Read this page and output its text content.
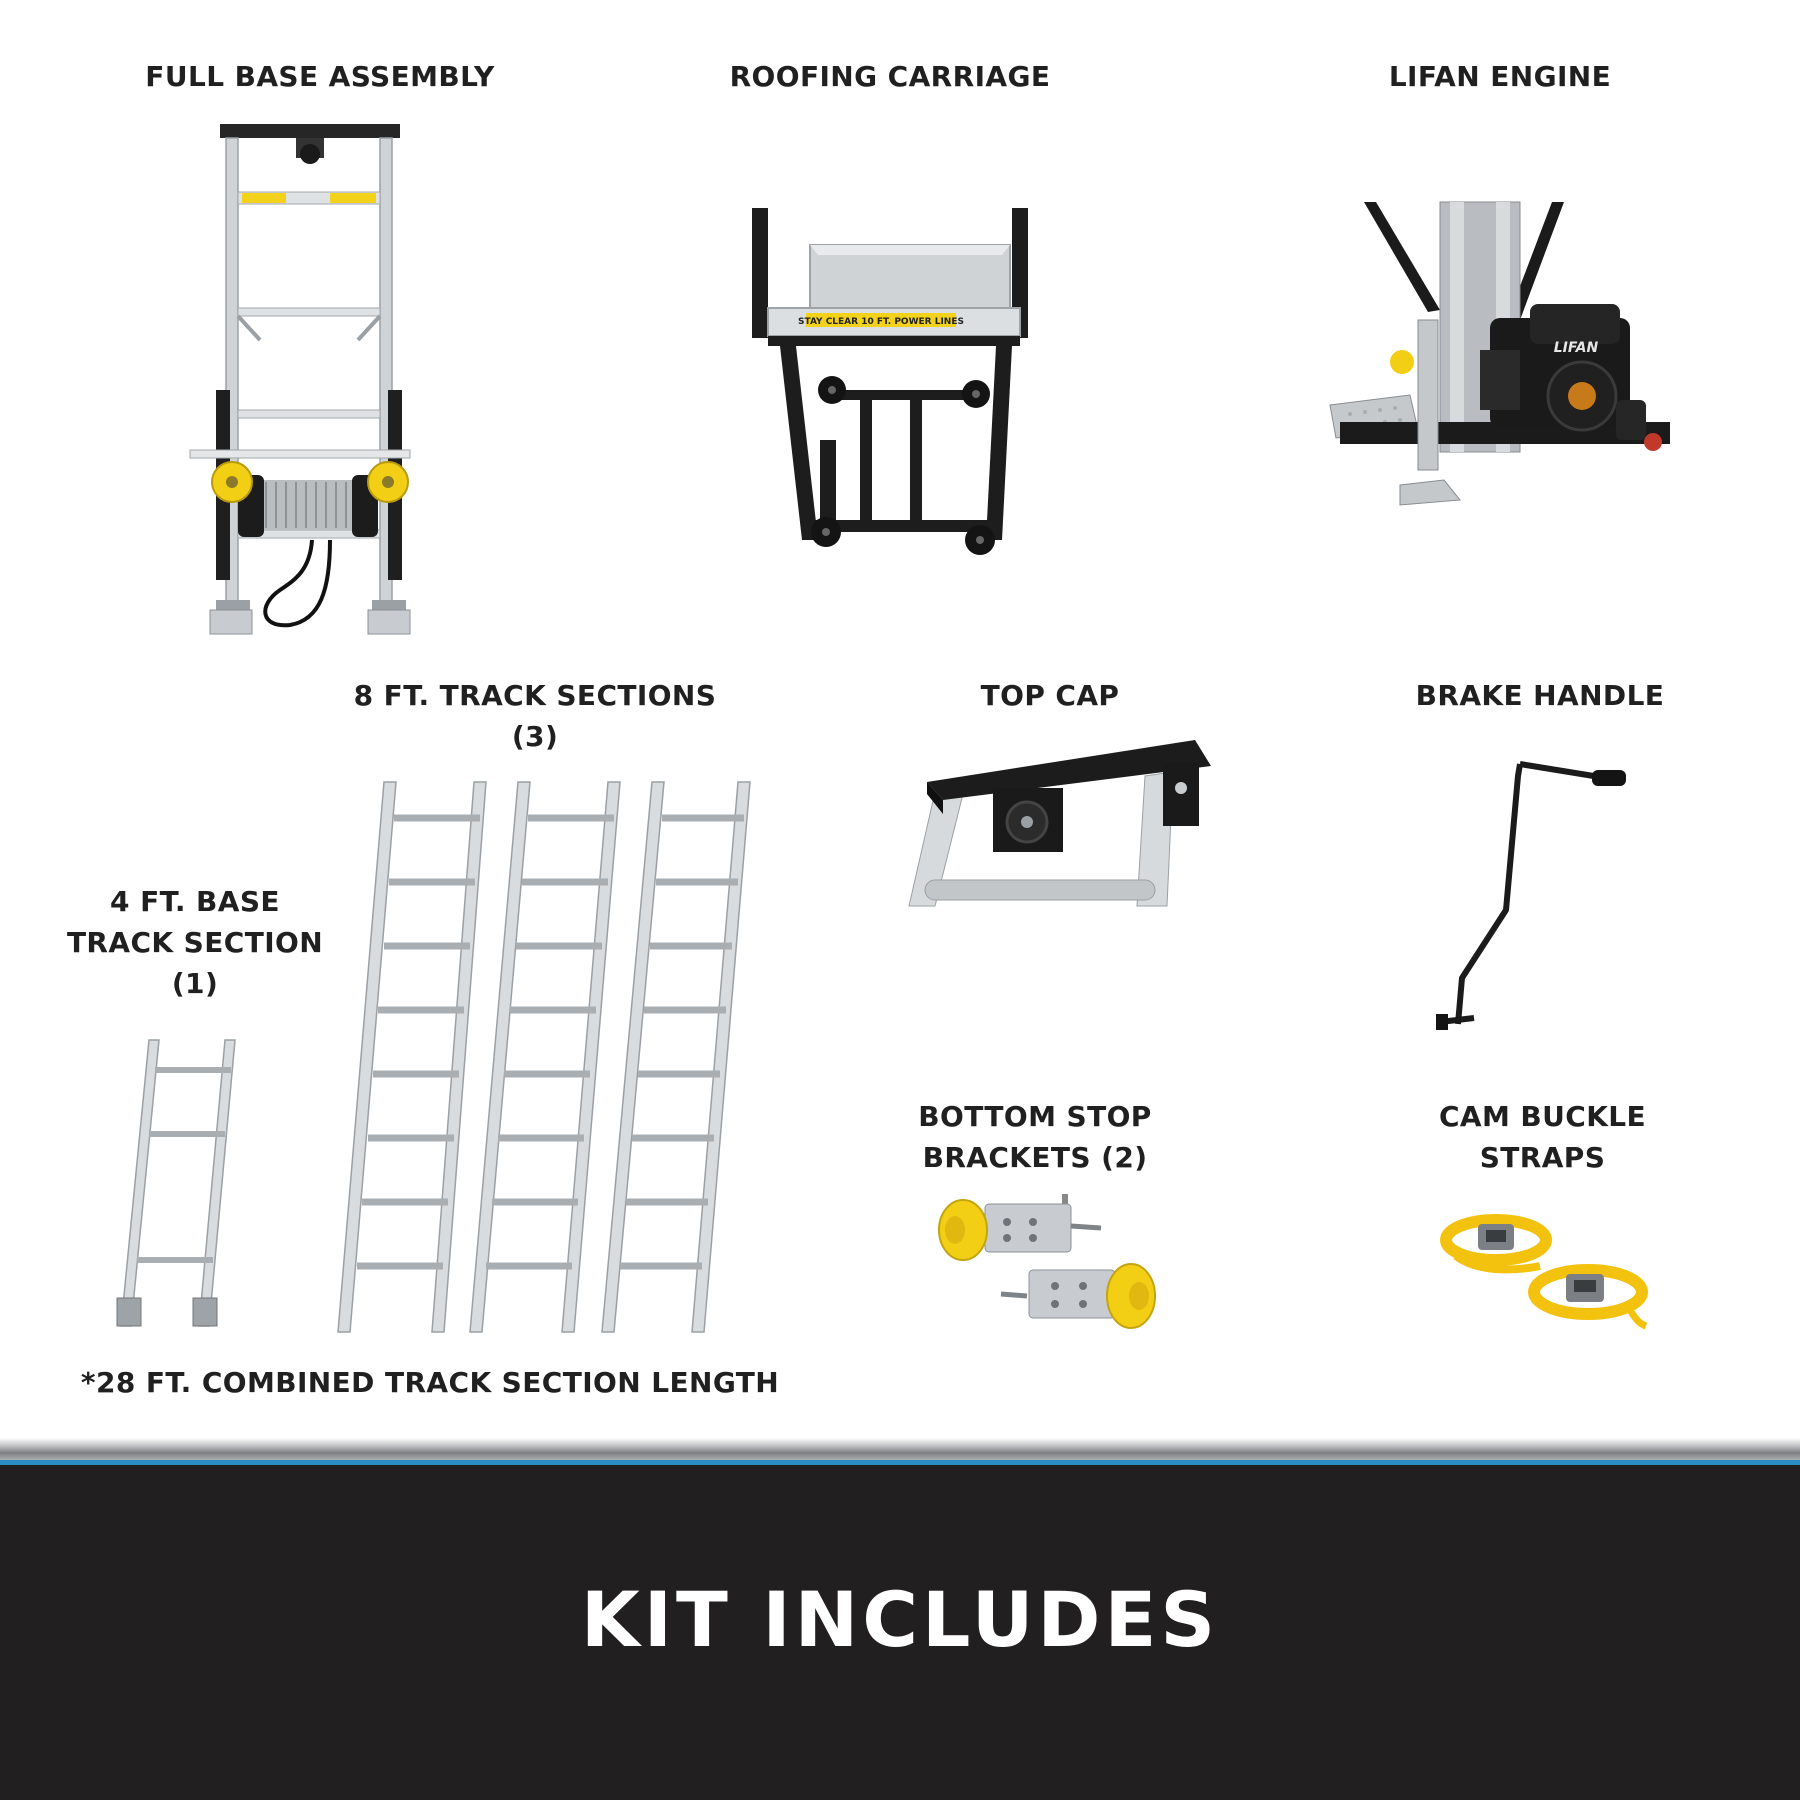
FULL BASE ASSEMBLY	ROOFING CARRIAGE	LIFAN ENGINE
8 FT. TRACK SECTIONS
(3)
TOP CAP	BRAKE HANDLE
4 FT. BASE
TRACK SECTION
(1)
BOTTOM STOP
BRACKETS (2)
CAM BUCKLE
STRAPS
*28 FT. COMBINED TRACK SECTION LENGTH
STAY CLEAR 10 FT. POWER LINES
LIFAN
KIT INCLUDES
